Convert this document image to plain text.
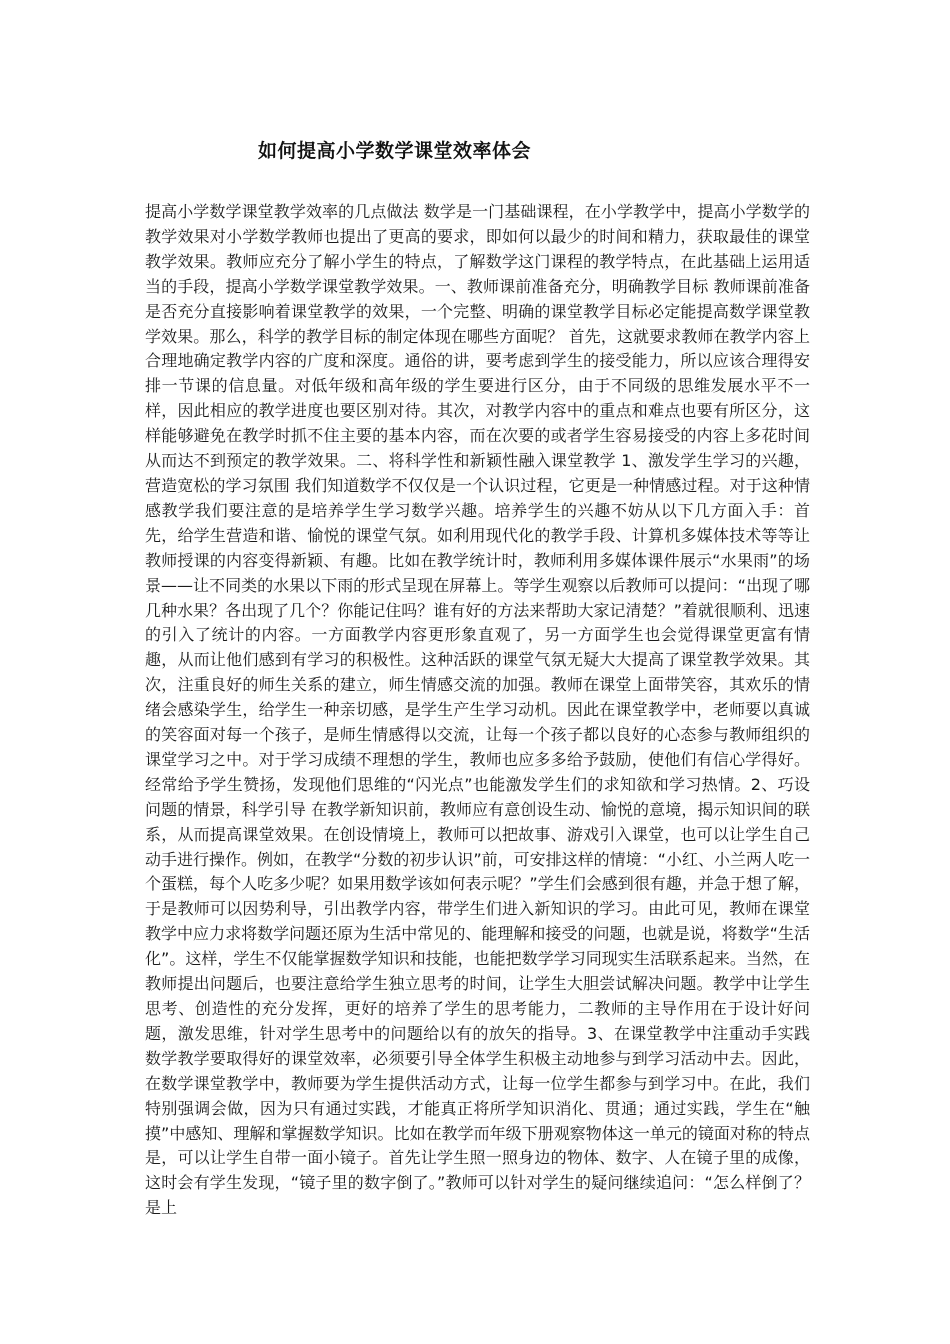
如何提高小学数学课堂效率体会

提高小学数学课堂教学效率的几点做法 数学是一门基础课程，在小学教学中，提高小学数学的教学效果对小学数学教师也提出了更高的要求，即如何以最少的时间和精力，获取最佳的课堂教学效果。教师应充分了解小学生的特点，了解数学这门课程的教学特点，在此基础上运用适当的手段，提高小学数学课堂教学效果。一、教师课前准备充分，明确教学目标 教师课前准备是否充分直接影响着课堂教学的效果，一个完整、明确的课堂教学目标必定能提高数学课堂教学效果。那么，科学的教学目标的制定体现在哪些方面呢？ 首先，这就要求教师在教学内容上合理地确定教学内容的广度和深度。通俗的讲，要考虑到学生的接受能力，所以应该合理得安排一节课的信息量。对低年级和高年级的学生要进行区分，由于不同级的思维发展水平不一样，因此相应的教学进度也要区别对待。其次，对教学内容中的重点和难点也要有所区分，这样能够避免在教学时抓不住主要的基本内容，而在次要的或者学生容易接受的内容上多花时间从而达不到预定的教学效果。二、将科学性和新颖性融入课堂教学 1、激发学生学习的兴趣，营造宽松的学习氛围 我们知道数学不仅仅是一个认识过程，它更是一种情感过程。对于这种情感教学我们要注意的是培养学生学习数学兴趣。培养学生的兴趣不妨从以下几方面入手：首先，给学生营造和谐、愉悦的课堂气氛。如利用现代化的教学手段、计算机多媒体技术等等让教师授课的内容变得新颖、有趣。比如在教学统计时，教师利用多媒体课件展示“水果雨”的场景——让不同类的水果以下雨的形式呈现在屏幕上。等学生观察以后教师可以提问：“出现了哪几种水果？各出现了几个？你能记住吗？谁有好的方法来帮助大家记清楚？”着就很顺利、迅速的引入了统计的内容。一方面教学内容更形象直观了，另一方面学生也会觉得课堂更富有情趣，从而让他们感到有学习的积极性。这种活跃的课堂气氛无疑大大提高了课堂教学效果。其次，注重良好的师生关系的建立，师生情感交流的加强。教师在课堂上面带笑容，其欢乐的情绪会感染学生，给学生一种亲切感，是学生产生学习动机。因此在课堂教学中，老师要以真诚的笑容面对每一个孩子，是师生情感得以交流，让每一个孩子都以良好的心态参与教师组织的课堂学习之中。对于学习成绩不理想的学生，教师也应多多给予鼓励，使他们有信心学得好。经常给予学生赞扬，发现他们思维的“闪光点”也能激发学生们的求知欲和学习热情。2、巧设问题的情景，科学引导 在教学新知识前，教师应有意创设生动、愉悦的意境，揭示知识间的联系，从而提高课堂效果。在创设情境上，教师可以把故事、游戏引入课堂，也可以让学生自己动手进行操作。例如，在教学“分数的初步认识”前，可安排这样的情境：“小红、小兰两人吃一个蛋糕，每个人吃多少呢？如果用数学该如何表示呢？”学生们会感到很有趣，并急于想了解，于是教师可以因势利导，引出教学内容，带学生们进入新知识的学习。由此可见，教师在课堂教学中应力求将数学问题还原为生活中常见的、能理解和接受的问题，也就是说，将数学“生活化”。这样，学生不仅能掌握数学知识和技能，也能把数学学习同现实生活联系起来。当然，在教师提出问题后，也要注意给学生独立思考的时间，让学生大胆尝试解决问题。教学中让学生思考、创造性的充分发挥，更好的培养了学生的思考能力，二教师的主导作用在于设计好问题，激发思维，针对学生思考中的问题给以有的放矢的指导。3、在课堂教学中注重动手实践 数学教学要取得好的课堂效率，必须要引导全体学生积极主动地参与到学习活动中去。因此，在数学课堂教学中，教师要为学生提供活动方式，让每一位学生都参与到学习中。在此，我们特别强调会做，因为只有通过实践，才能真正将所学知识消化、贯通；通过实践，学生在“触摸”中感知、理解和掌握数学知识。比如在教学而年级下册观察物体这一单元的镜面对称的特点是，可以让学生自带一面小镜子。首先让学生照一照身边的物体、数字、人在镜子里的成像，这时会有学生发现，“镜子里的数字倒了。”教师可以针对学生的疑问继续追问：“怎么样倒了？是上
